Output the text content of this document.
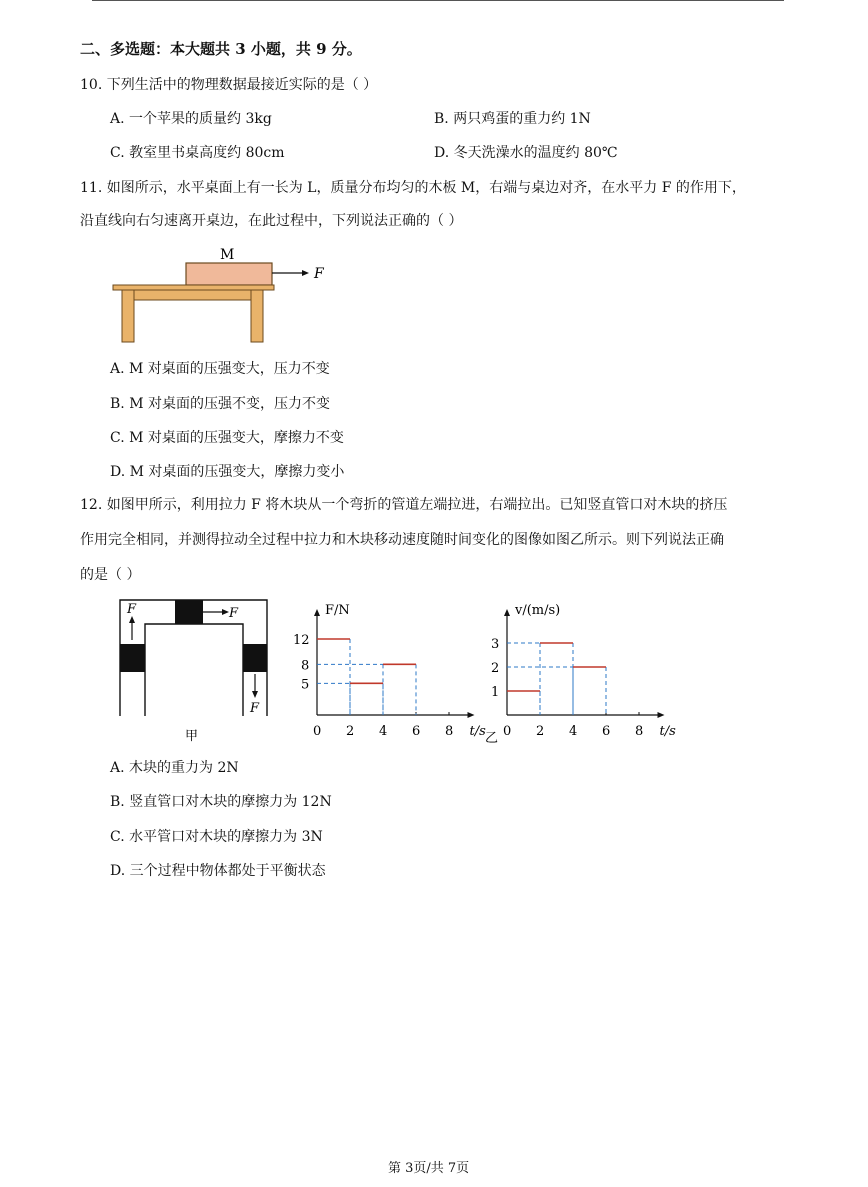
二、多选题：本大题共 3 小题，共 9 分。
10. 下列生活中的物理数据最接近实际的是（ ）
A. 一个苹果的质量约 3kg	B. 两只鸡蛋的重力约 1N
C. 教室里书桌高度约 80cm	D. 冬天洗澡水的温度约 80℃
11. 如图所示，水平桌面上有一长为 L，质量分布均匀的木板 M，右端与桌边对齐，在水平力 F 的作用下，
沿直线向右匀速离开桌边，在此过程中，下列说法正确的（ ）
M
F
A. M 对桌面的压强变大，压力不变
B. M 对桌面的压强不变，压力不变
C. M 对桌面的压强变大，摩擦力不变
D. M 对桌面的压强变大，摩擦力变小
12. 如图甲所示，利用拉力 F 将木块从一个弯折的管道左端拉进，右端拉出。已知竖直管口对木块的挤压
作用完全相同，并测得拉动全过程中拉力和木块移动速度随时间变化的图像如图乙所示。则下列说法正确
的是（ ）
F	F
F
甲
F/N
t/s
0 2 4 6 8
5
8
12
v/(m/s)
t/s
0 2 4 6 8
1
2
3
乙
A. 木块的重力为 2N
B. 竖直管口对木块的摩擦力为 12N
C. 水平管口对木块的摩擦力为 3N
D. 三个过程中物体都处于平衡状态
第 3页/共 7页
